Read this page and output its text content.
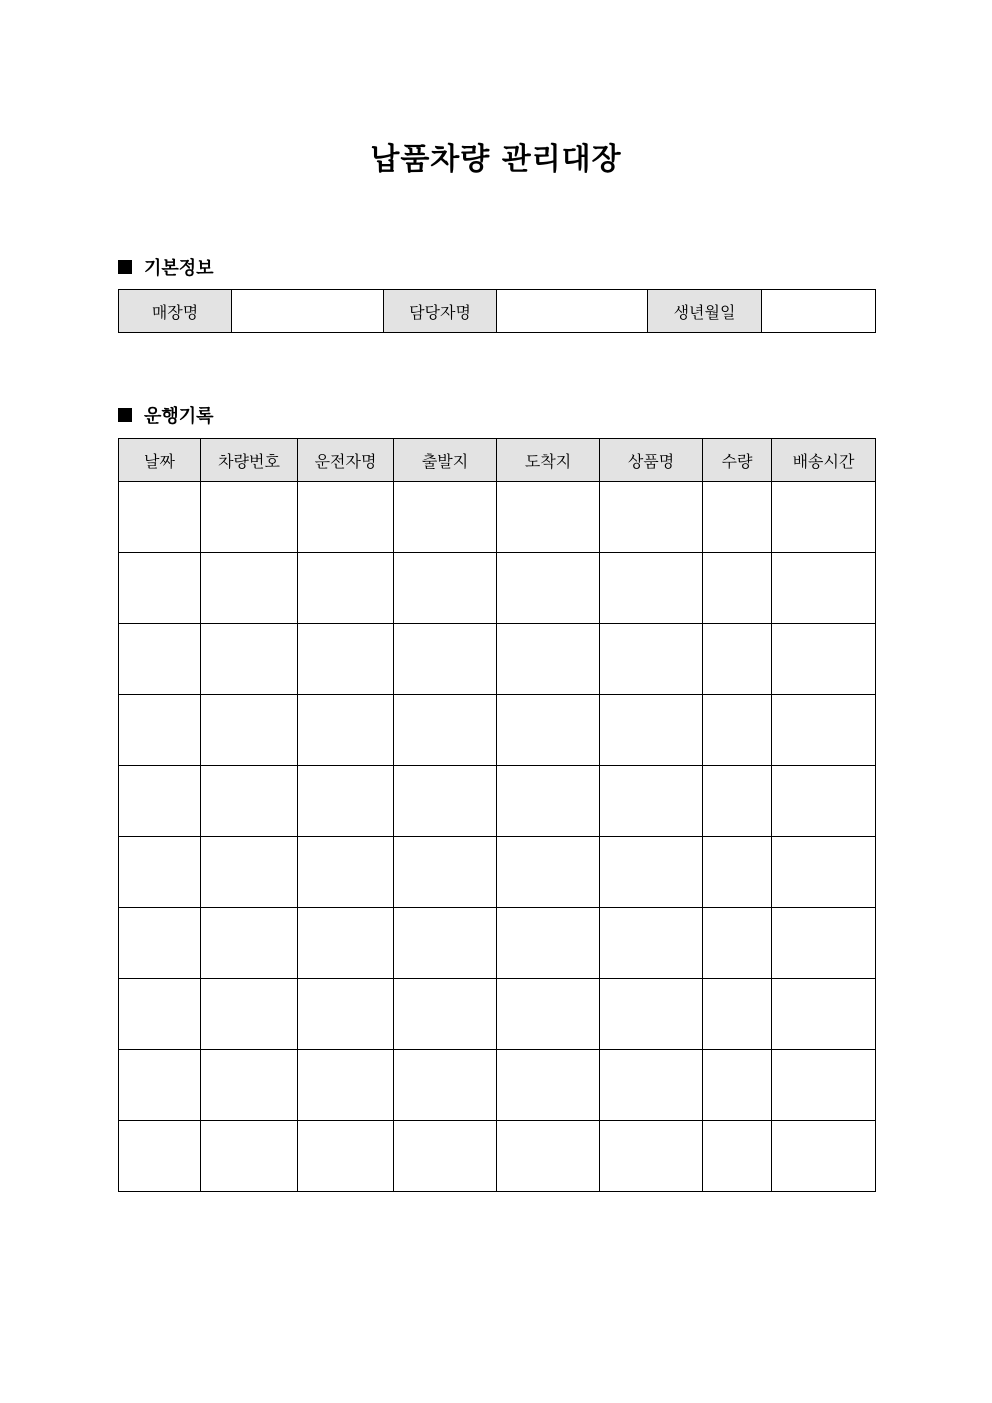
납품차량 관리대장
기본정보
매장명		담당자명		생년월일	
운행기록
날짜	차량번호	운전자명	출발지	도착지	상품명	수량	배송시간
